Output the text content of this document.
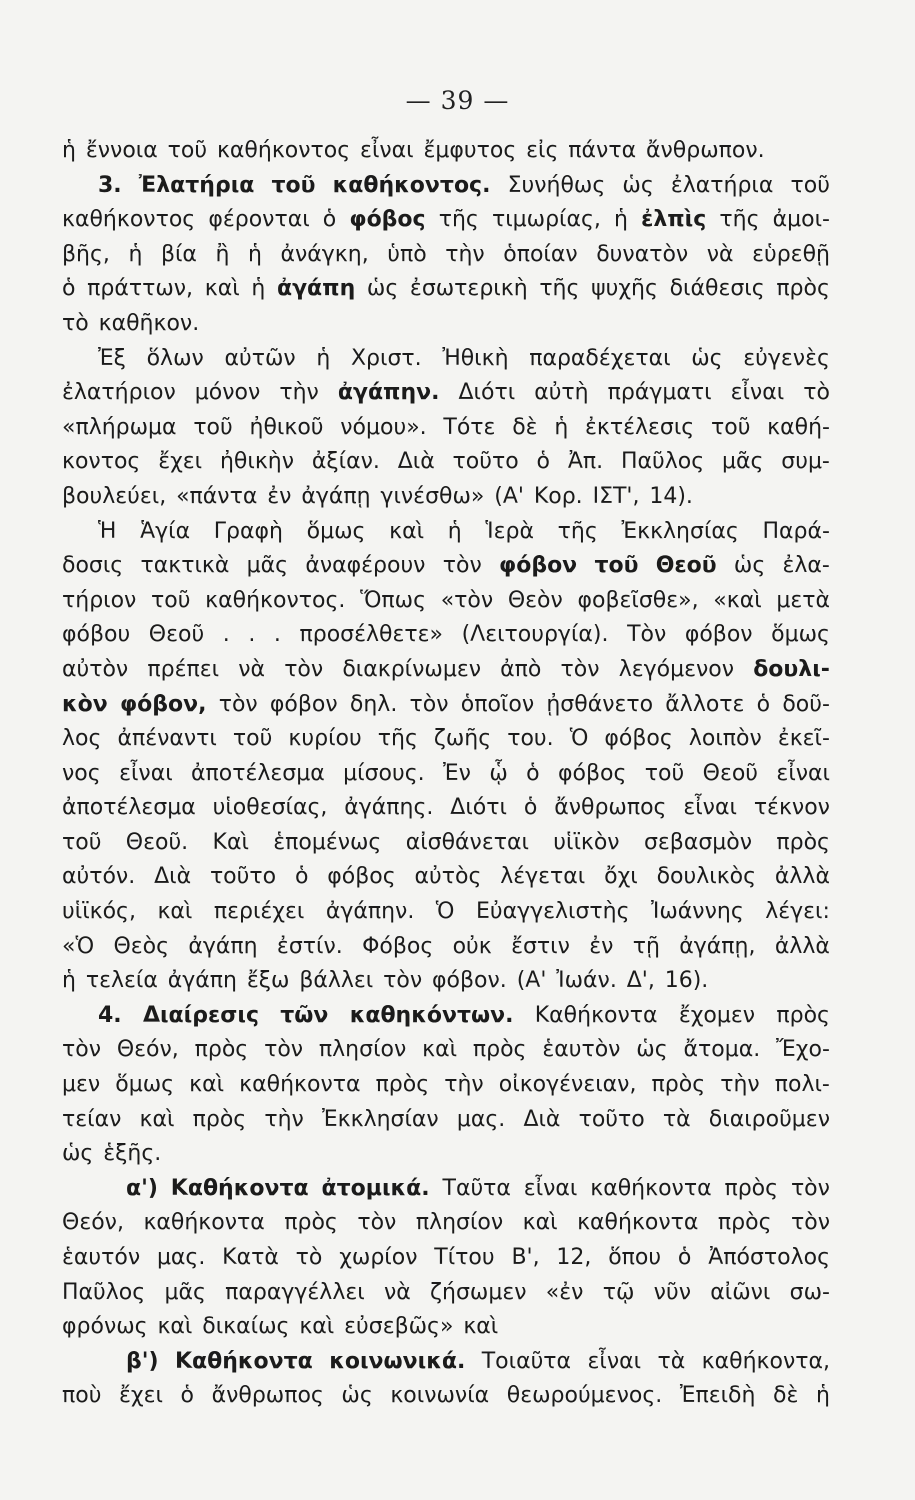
— 39 —
ἡ ἔννοια τοῦ καθήκοντος εἶναι ἔμφυτος εἰς πάντα ἄνθρωπον.
3. Ἐλατήρια τοῦ καθήκοντος. Συνήθως ὡς ἐλατήρια τοῦ
καθήκοντος φέρονται ὁ φόβος τῆς τιμωρίας, ἡ ἐλπὶς τῆς ἀμοι-
βῆς, ἡ βία ἢ ἡ ἀνάγκη, ὑπὸ τὴν ὁποίαν δυνατὸν νὰ εὑρεθῇ
ὁ πράττων, καὶ ἡ ἀγάπη ὡς ἐσωτερικὴ τῆς ψυχῆς διάθεσις πρὸς
τὸ καθῆκον.
Ἐξ ὅλων αὐτῶν ἡ Χριστ. Ἠθικὴ παραδέχεται ὡς εὐγενὲς
ἐλατήριον μόνον τὴν ἀγάπην. Διότι αὐτὴ πράγματι εἶναι τὸ
«πλήρωμα τοῦ ἠθικοῦ νόμου». Τότε δὲ ἡ ἐκτέλεσις τοῦ καθή-
κοντος ἔχει ἠθικὴν ἀξίαν. Διὰ τοῦτο ὁ Ἀπ. Παῦλος μᾶς συμ-
βουλεύει, «πάντα ἐν ἀγάπῃ γινέσθω» (Α' Κορ. ΙΣΤ', 14).
Ἡ Ἁγία Γραφὴ ὅμως καὶ ἡ Ἱερὰ τῆς Ἐκκλησίας Παρά-
δοσις τακτικὰ μᾶς ἀναφέρουν τὸν φόβον τοῦ Θεοῦ ὡς ἐλα-
τήριον τοῦ καθήκοντος. Ὅπως «τὸν Θεὸν φοβεῖσθε», «καὶ μετὰ
φόβου Θεοῦ . . . προσέλθετε» (Λειτουργία). Τὸν φόβον ὅμως
αὐτὸν πρέπει νὰ τὸν διακρίνωμεν ἀπὸ τὸν λεγόμενον δουλι-
κὸν φόβον, τὸν φόβον δηλ. τὸν ὁποῖον ᾐσθάνετο ἄλλοτε ὁ δοῦ-
λος ἀπέναντι τοῦ κυρίου τῆς ζωῆς του. Ὁ φόβος λοιπὸν ἐκεῖ-
νος εἶναι ἀποτέλεσμα μίσους. Ἐν ᾧ ὁ φόβος τοῦ Θεοῦ εἶναι
ἀποτέλεσμα υἱοθεσίας, ἀγάπης. Διότι ὁ ἄνθρωπος εἶναι τέκνον
τοῦ Θεοῦ. Καὶ ἑπομένως αἰσθάνεται υἱϊκὸν σεβασμὸν πρὸς
αὐτόν. Διὰ τοῦτο ὁ φόβος αὐτὸς λέγεται ὄχι δουλικὸς ἀλλὰ
υἱϊκός, καὶ περιέχει ἀγάπην. Ὁ Εὐαγγελιστὴς Ἰωάννης λέγει:
«Ὁ Θεὸς ἀγάπη ἐστίν. Φόβος οὐκ ἔστιν ἐν τῇ ἀγάπῃ, ἀλλὰ
ἡ τελεία ἀγάπη ἔξω βάλλει τὸν φόβον. (Α' Ἰωάν. Δ', 16).
4. Διαίρεσις τῶν καθηκόντων. Καθήκοντα ἔχομεν πρὸς
τὸν Θεόν, πρὸς τὸν πλησίον καὶ πρὸς ἑαυτὸν ὡς ἄτομα. Ἔχο-
μεν ὅμως καὶ καθήκοντα πρὸς τὴν οἰκογένειαν, πρὸς τὴν πολι-
τείαν καὶ πρὸς τὴν Ἐκκλησίαν μας. Διὰ τοῦτο τὰ διαιροῦμεν
ὡς ἑξῆς.
α') Καθήκοντα ἀτομικά. Ταῦτα εἶναι καθήκοντα πρὸς τὸν
Θεόν, καθήκοντα πρὸς τὸν πλησίον καὶ καθήκοντα πρὸς τὸν
ἑαυτόν μας. Κατὰ τὸ χωρίον Τίτου Β', 12, ὅπου ὁ Ἀπόστολος
Παῦλος μᾶς παραγγέλλει νὰ ζήσωμεν «ἐν τῷ νῦν αἰῶνι σω-
φρόνως καὶ δικαίως καὶ εὐσεβῶς» καὶ
β') Καθήκοντα κοινωνικά. Τοιαῦτα εἶναι τὰ καθήκοντα,
ποὺ ἔχει ὁ ἄνθρωπος ὡς κοινωνία θεωρούμενος. Ἐπειδὴ δὲ ἡ
